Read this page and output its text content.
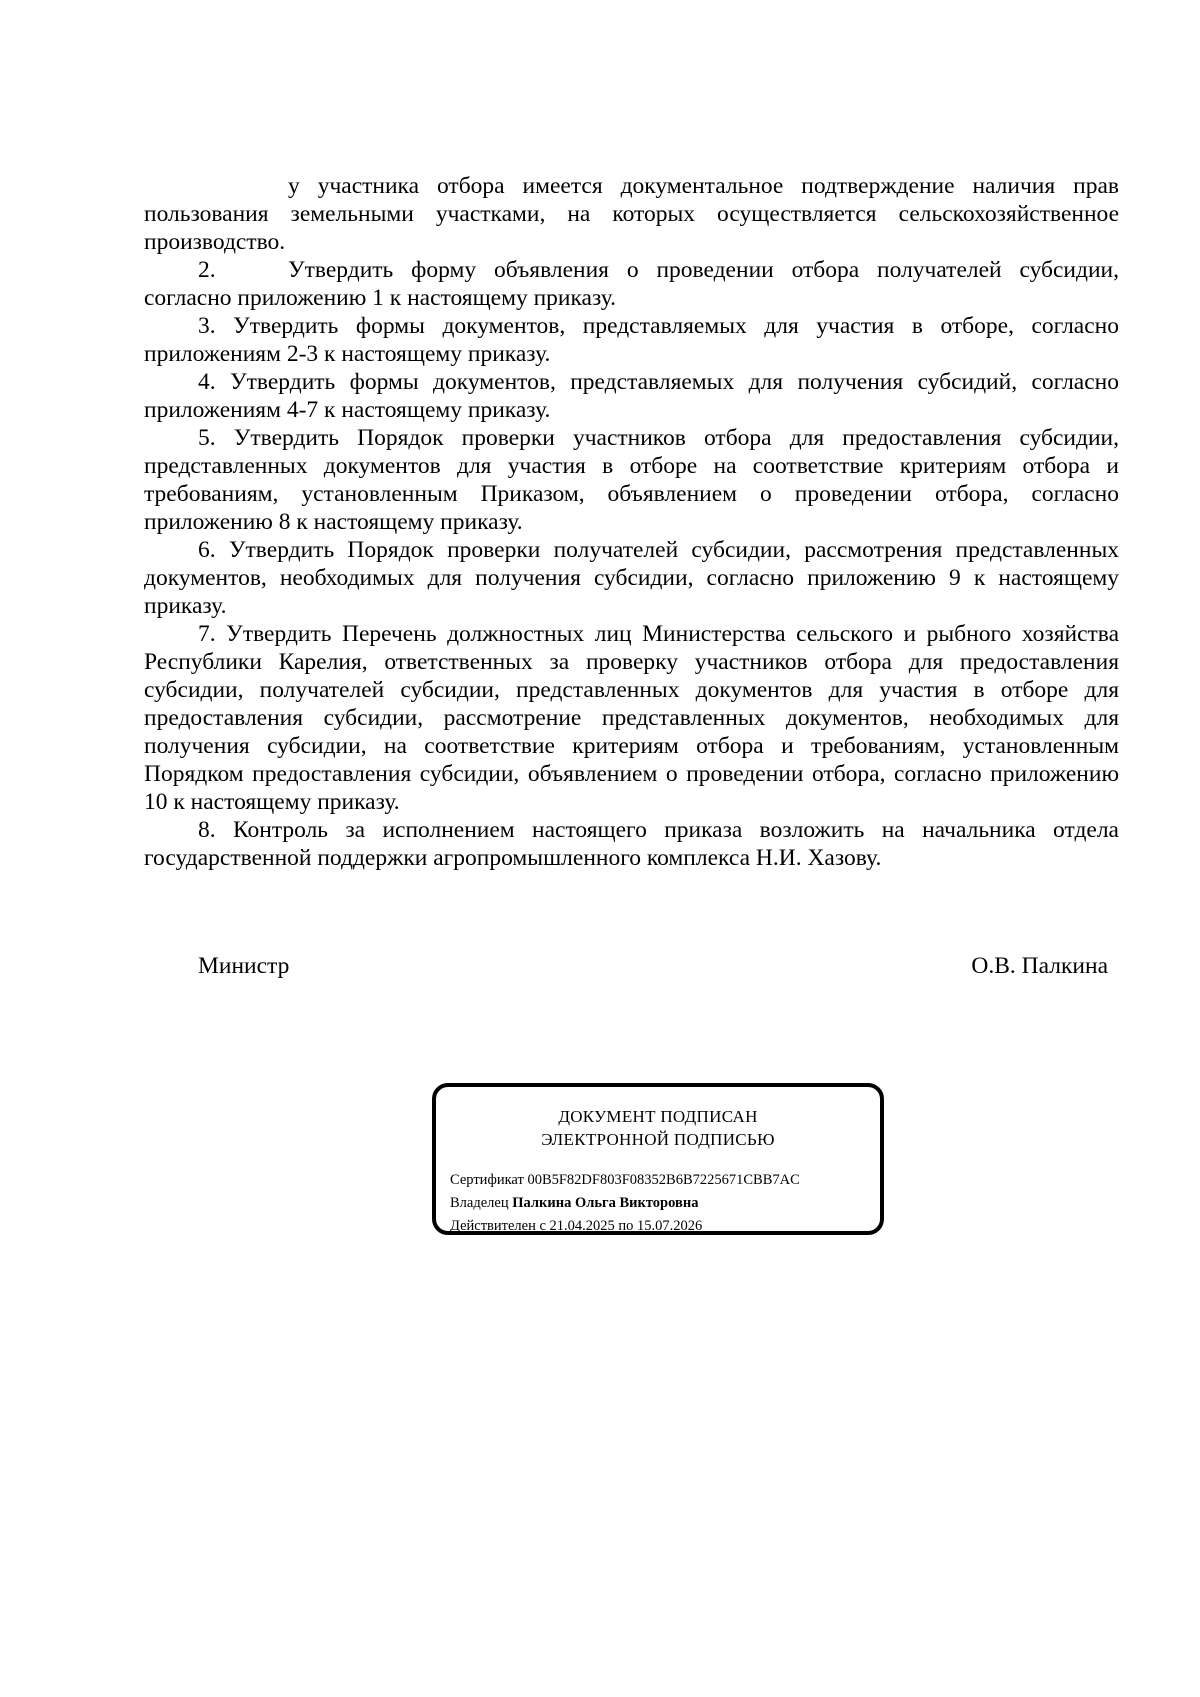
у участника отбора имеется документальное подтверждение наличия прав пользования земельными участками, на которых осуществляется сельскохозяйственное производство.

2.	Утвердить форму объявления о проведении отбора получателей субсидии, согласно приложению 1 к настоящему приказу.

3. Утвердить формы документов, представляемых для участия в отборе, согласно приложениям 2-3 к настоящему приказу.

4. Утвердить формы документов, представляемых для получения субсидий, согласно приложениям 4-7 к настоящему приказу.

5. Утвердить Порядок проверки участников отбора для предоставления субсидии, представленных документов для участия в отборе на соответствие критериям отбора и требованиям, установленным Приказом, объявлением о проведении отбора, согласно приложению 8 к настоящему приказу.

6. Утвердить Порядок проверки получателей субсидии, рассмотрения представленных документов, необходимых для получения субсидии, согласно приложению 9 к настоящему приказу.

7. Утвердить Перечень должностных лиц Министерства сельского и рыбного хозяйства Республики Карелия, ответственных за проверку участников отбора для предоставления субсидии, получателей субсидии, представленных документов для участия в отборе для предоставления субсидии, рассмотрение представленных документов, необходимых для получения субсидии, на соответствие критериям отбора и требованиям, установленным Порядком предоставления субсидии, объявлением о проведении отбора, согласно приложению 10 к настоящему приказу.

8. Контроль за исполнением настоящего приказа возложить на начальника отдела государственной поддержки агропромышленного комплекса Н.И. Хазову.

Министр	О.В. Палкина
ДОКУМЕНТ ПОДПИСАН
ЭЛЕКТРОННОЙ ПОДПИСЬЮ
Сертификат 00B5F82DF803F08352B6B7225671CBB7AC
Владелец Палкина Ольга Викторовна
Действителен с 21.04.2025 по 15.07.2026
